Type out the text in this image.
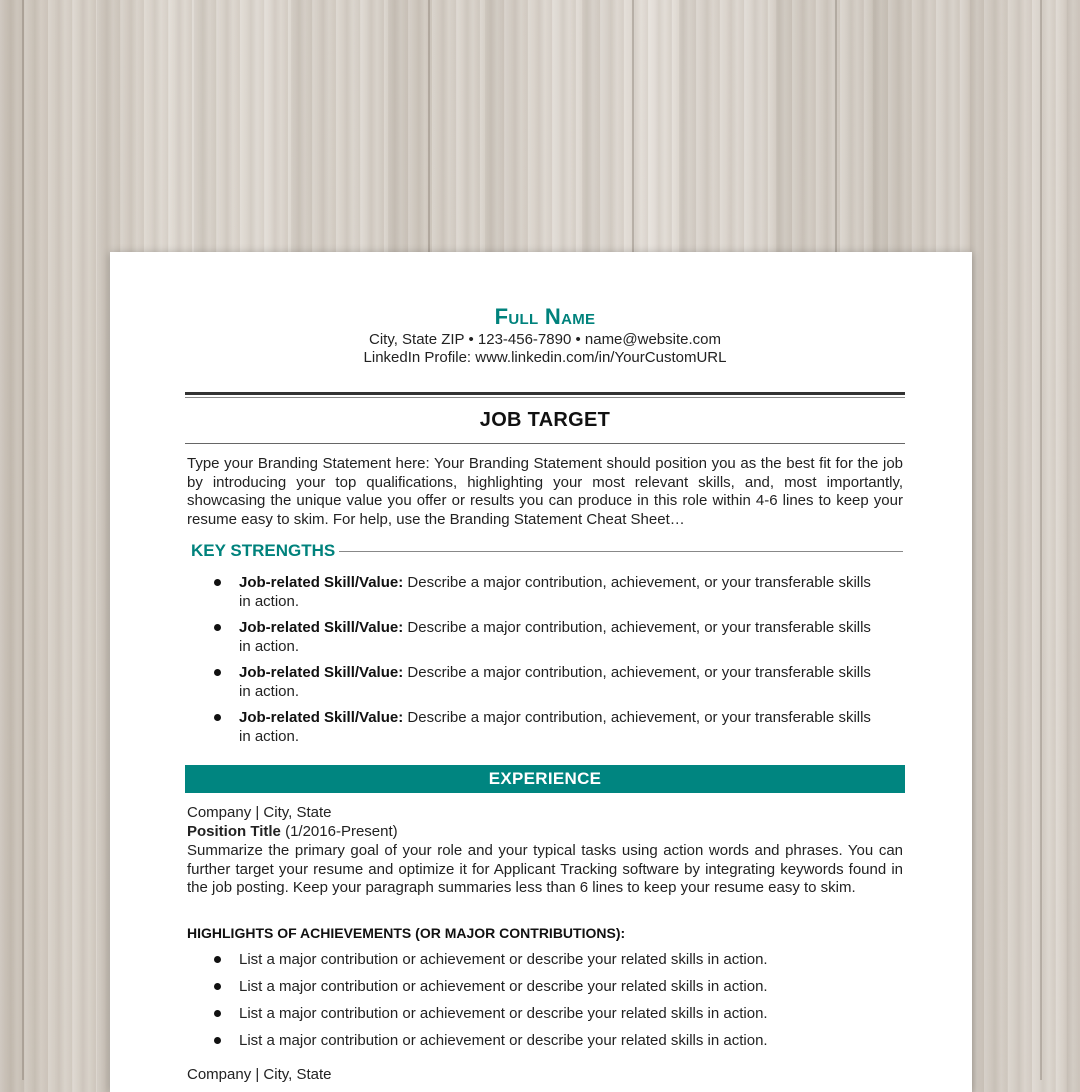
Full Name
City, State ZIP • 123-456-7890 • name@website.com
LinkedIn Profile: www.linkedin.com/in/YourCustomURL
JOB TARGET
Type your Branding Statement here: Your Branding Statement should position you as the best fit for the job by introducing your top qualifications, highlighting your most relevant skills, and, most importantly, showcasing the unique value you offer or results you can produce in this role within 4-6 lines to keep your resume easy to skim. For help, use the Branding Statement Cheat Sheet…
KEY STRENGTHS
Job-related Skill/Value: Describe a major contribution, achievement, or your transferable skills in action.
Job-related Skill/Value: Describe a major contribution, achievement, or your transferable skills in action.
Job-related Skill/Value: Describe a major contribution, achievement, or your transferable skills in action.
Job-related Skill/Value: Describe a major contribution, achievement, or your transferable skills in action.
EXPERIENCE
Company | City, State
Position Title (1/2016-Present)
Summarize the primary goal of your role and your typical tasks using action words and phrases. You can further target your resume and optimize it for Applicant Tracking software by integrating keywords found in the job posting. Keep your paragraph summaries less than 6 lines to keep your resume easy to skim.
HIGHLIGHTS OF ACHIEVEMENTS (OR MAJOR CONTRIBUTIONS):
List a major contribution or achievement or describe your related skills in action.
List a major contribution or achievement or describe your related skills in action.
List a major contribution or achievement or describe your related skills in action.
List a major contribution or achievement or describe your related skills in action.
Company | City, State
